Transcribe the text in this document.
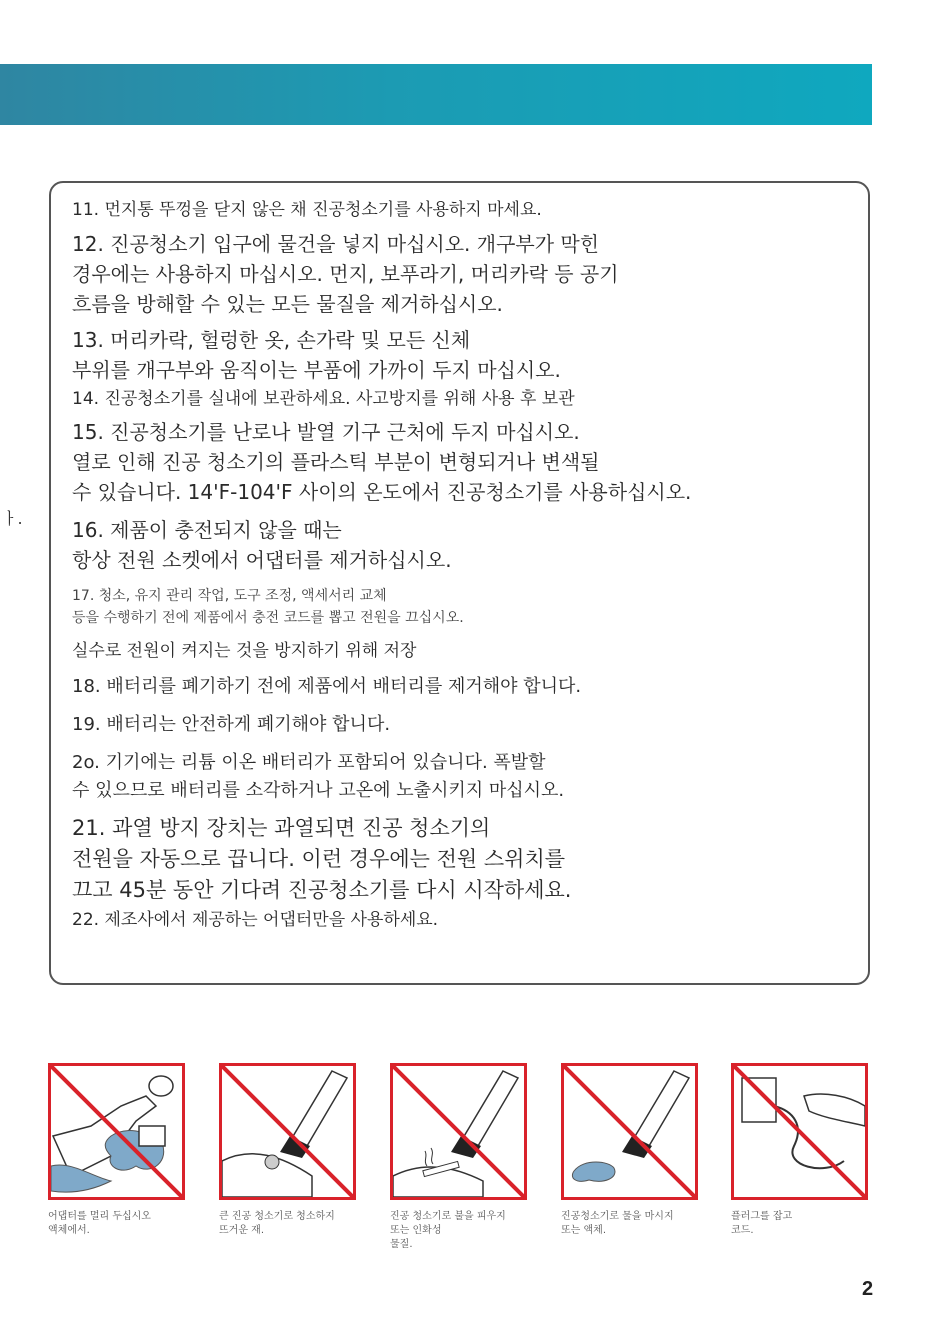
ㅏ.
11. 먼지통 뚜껑을 닫지 않은 채 진공청소기를 사용하지 마세요.
12. 진공청소기 입구에 물건을 넣지 마십시오. 개구부가 막힌
경우에는 사용하지 마십시오. 먼지, 보푸라기, 머리카락 등 공기
흐름을 방해할 수 있는 모든 물질을 제거하십시오.
13. 머리카락, 헐렁한 옷, 손가락 및 모든 신체
부위를 개구부와 움직이는 부품에 가까이 두지 마십시오.
14. 진공청소기를 실내에 보관하세요. 사고방지를 위해 사용 후 보관
15. 진공청소기를 난로나 발열 기구 근처에 두지 마십시오.
열로 인해 진공 청소기의 플라스틱 부분이 변형되거나 변색될
수 있습니다. 14'F-104'F 사이의 온도에서 진공청소기를 사용하십시오.
16. 제품이 충전되지 않을 때는
항상 전원 소켓에서 어댑터를 제거하십시오.
17. 청소, 유지 관리 작업, 도구 조정, 액세서리 교체
등을 수행하기 전에 제품에서 충전 코드를 뽑고 전원을 끄십시오.
실수로 전원이 켜지는 것을 방지하기 위해 저장
18. 배터리를 폐기하기 전에 제품에서 배터리를 제거해야 합니다.
19. 배터리는 안전하게 폐기해야 합니다.
2o. 기기에는 리튬 이온 배터리가 포함되어 있습니다. 폭발할
수 있으므로 배터리를 소각하거나 고온에 노출시키지 마십시오.
21. 과열 방지 장치는 과열되면 진공 청소기의
전원을 자동으로 끕니다. 이런 경우에는 전원 스위치를
끄고 45분 동안 기다려 진공청소기를 다시 시작하세요.
22. 제조사에서 제공하는 어댑터만을 사용하세요.
어댑터를 멀리 두십시오
액체에서.
큰 진공 청소기로 청소하지
뜨거운 재.
진공 청소기로 불을 피우지
또는 인화성
물질.
진공청소기로 물을 마시지
또는 액체.
플러그를 잡고
코드.
2
